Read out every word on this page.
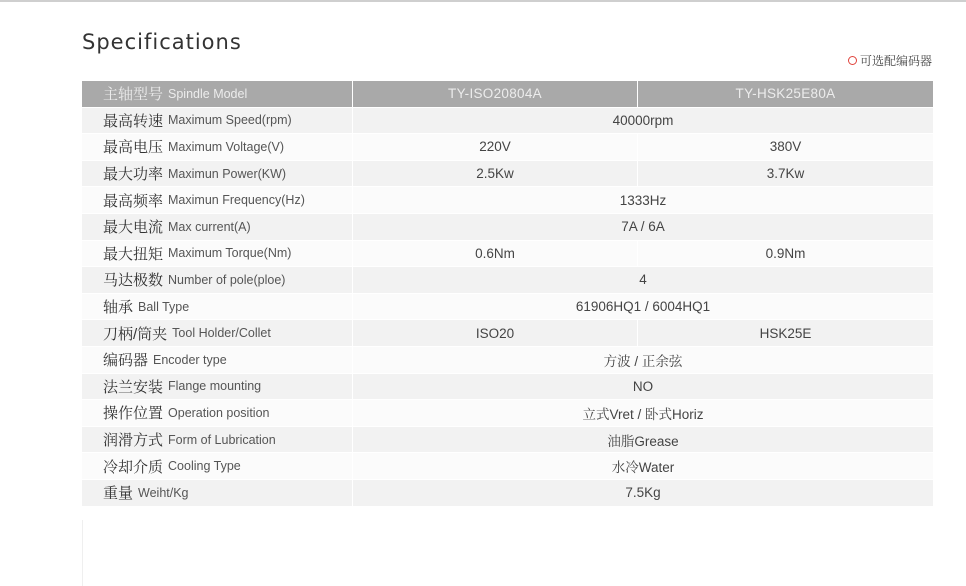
Specifications
可选配编码器
主轴型号 Spindle Model	TY-ISO20804A	TY-HSK25E80A
最高转速 Maximum Speed(rpm)	40000rpm
最高电压 Maximum Voltage(V)	220V	380V
最大功率 Maximun Power(KW)	2.5Kw	3.7Kw
最高频率 Maximun Frequency(Hz)	1333Hz
最大电流 Max current(A)	7A / 6A
最大扭矩 Maximum Torque(Nm)	0.6Nm	0.9Nm
马达极数 Number of pole(ploe)	4
轴承 Ball Type	61906HQ1 / 6004HQ1
刀柄/筒夹 Tool Holder/Collet	ISO20	HSK25E
编码器 Encoder type	方波 / 正余弦
法兰安装 Flange mounting	NO
操作位置 Operation position	立式Vret / 卧式Horiz
润滑方式 Form of Lubrication	油脂Grease
冷却介质 Cooling Type	水冷Water
重量 Weiht/Kg	7.5Kg
